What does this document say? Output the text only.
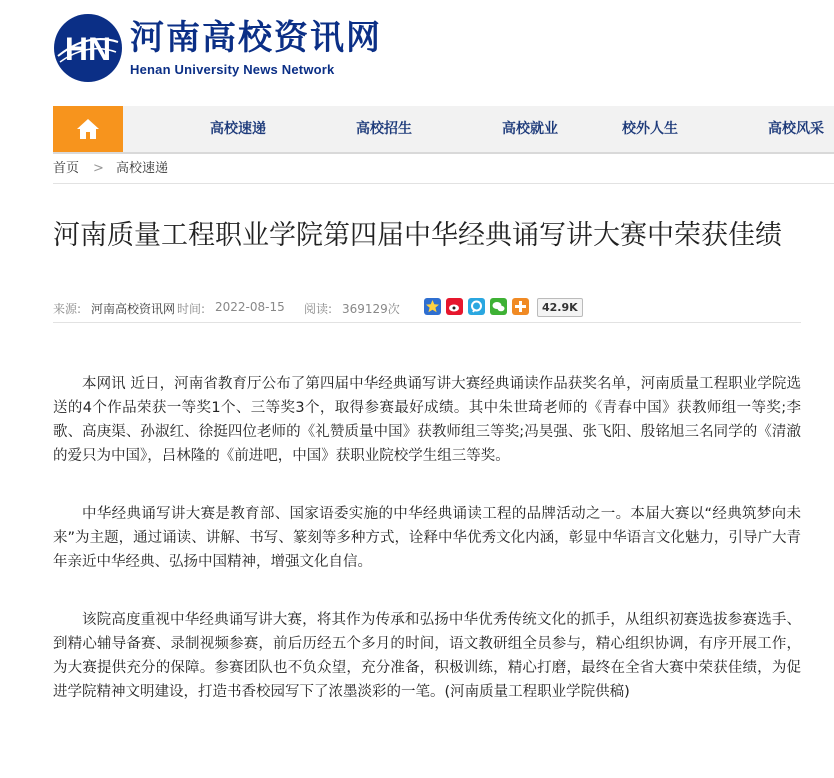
HN 河南高校资讯网
Henan University News Network
高校速递	高校招生	高校就业	校外人生	高校风采
首页 > 高校速递
河南质量工程职业学院第四届中华经典诵写讲大赛中荣获佳绩
来源: 河南高校资讯网 时间: 2022-08-15 阅读: 369129次	42.9K

本网讯 近日，河南省教育厅公布了第四届中华经典诵写讲大赛经典诵读作品获奖名单，河南质量工程职业学院选送的4个作品荣获一等奖1个、三等奖3个，取得参赛最好成绩。其中朱世琦老师的《青春中国》获教师组一等奖;李歌、高庚渠、孙淑红、徐挺四位老师的《礼赞质量中国》获教师组三等奖;冯昊强、张飞阳、殷铭旭三名同学的《清澈的爱只为中国》，吕林隆的《前进吧，中国》获职业院校学生组三等奖。

中华经典诵写讲大赛是教育部、国家语委实施的中华经典诵读工程的品牌活动之一。本届大赛以“经典筑梦向未来”为主题，通过诵读、讲解、书写、篆刻等多种方式，诠释中华优秀文化内涵，彰显中华语言文化魅力，引导广大青年亲近中华经典、弘扬中国精神，增强文化自信。

该院高度重视中华经典诵写讲大赛，将其作为传承和弘扬中华优秀传统文化的抓手，从组织初赛选拔参赛选手、到精心辅导备赛、录制视频参赛，前后历经五个多月的时间，语文教研组全员参与，精心组织协调，有序开展工作，为大赛提供充分的保障。参赛团队也不负众望，充分准备，积极训练，精心打磨，最终在全省大赛中荣获佳绩，为促进学院精神文明建设，打造书香校园写下了浓墨淡彩的一笔。(河南质量工程职业学院供稿)
